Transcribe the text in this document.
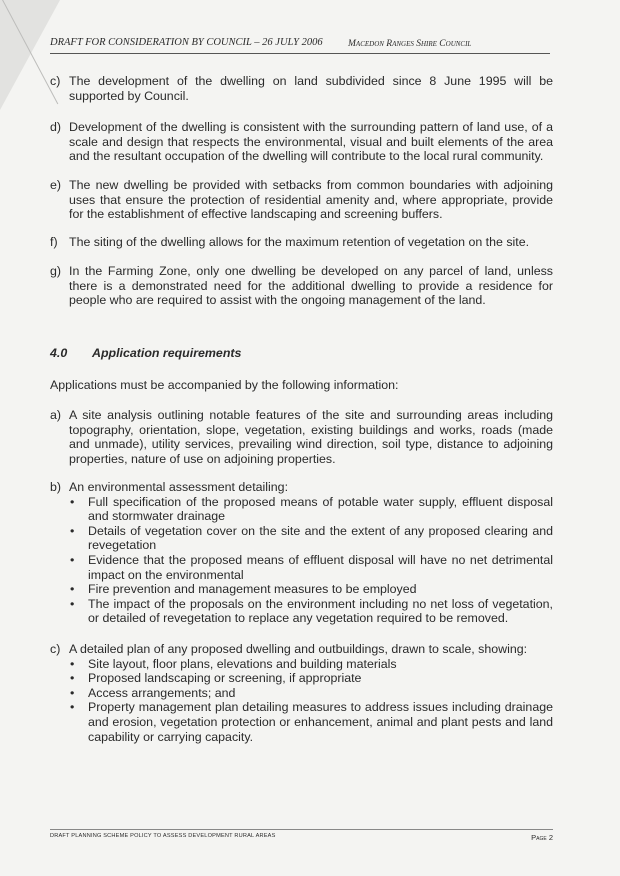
DRAFT FOR CONSIDERATION BY COUNCIL – 26 JULY 2006	Macedon Ranges Shire Council
c) The development of the dwelling on land subdivided since 8 June 1995 will be supported by Council.
d) Development of the dwelling is consistent with the surrounding pattern of land use, of a scale and design that respects the environmental, visual and built elements of the area and the resultant occupation of the dwelling will contribute to the local rural community.
e) The new dwelling be provided with setbacks from common boundaries with adjoining uses that ensure the protection of residential amenity and, where appropriate, provide for the establishment of effective landscaping and screening buffers.
f) The siting of the dwelling allows for the maximum retention of vegetation on the site.
g) In the Farming Zone, only one dwelling be developed on any parcel of land, unless there is a demonstrated need for the additional dwelling to provide a residence for people who are required to assist with the ongoing management of the land.
4.0 Application requirements
Applications must be accompanied by the following information:
a) A site analysis outlining notable features of the site and surrounding areas including topography, orientation, slope, vegetation, existing buildings and works, roads (made and unmade), utility services, prevailing wind direction, soil type, distance to adjoining properties, nature of use on adjoining properties.
b) An environmental assessment detailing:
• Full specification of the proposed means of potable water supply, effluent disposal and stormwater drainage
• Details of vegetation cover on the site and the extent of any proposed clearing and revegetation
• Evidence that the proposed means of effluent disposal will have no net detrimental impact on the environmental
• Fire prevention and management measures to be employed
• The impact of the proposals on the environment including no net loss of vegetation, or detailed of revegetation to replace any vegetation required to be removed.
c) A detailed plan of any proposed dwelling and outbuildings, drawn to scale, showing:
• Site layout, floor plans, elevations and building materials
• Proposed landscaping or screening, if appropriate
• Access arrangements; and
• Property management plan detailing measures to address issues including drainage and erosion, vegetation protection or enhancement, animal and plant pests and land capability or carrying capacity.
DRAFT PLANNING SCHEME POLICY TO ASSESS DEVELOPMENT RURAL AREAS	Page 2
